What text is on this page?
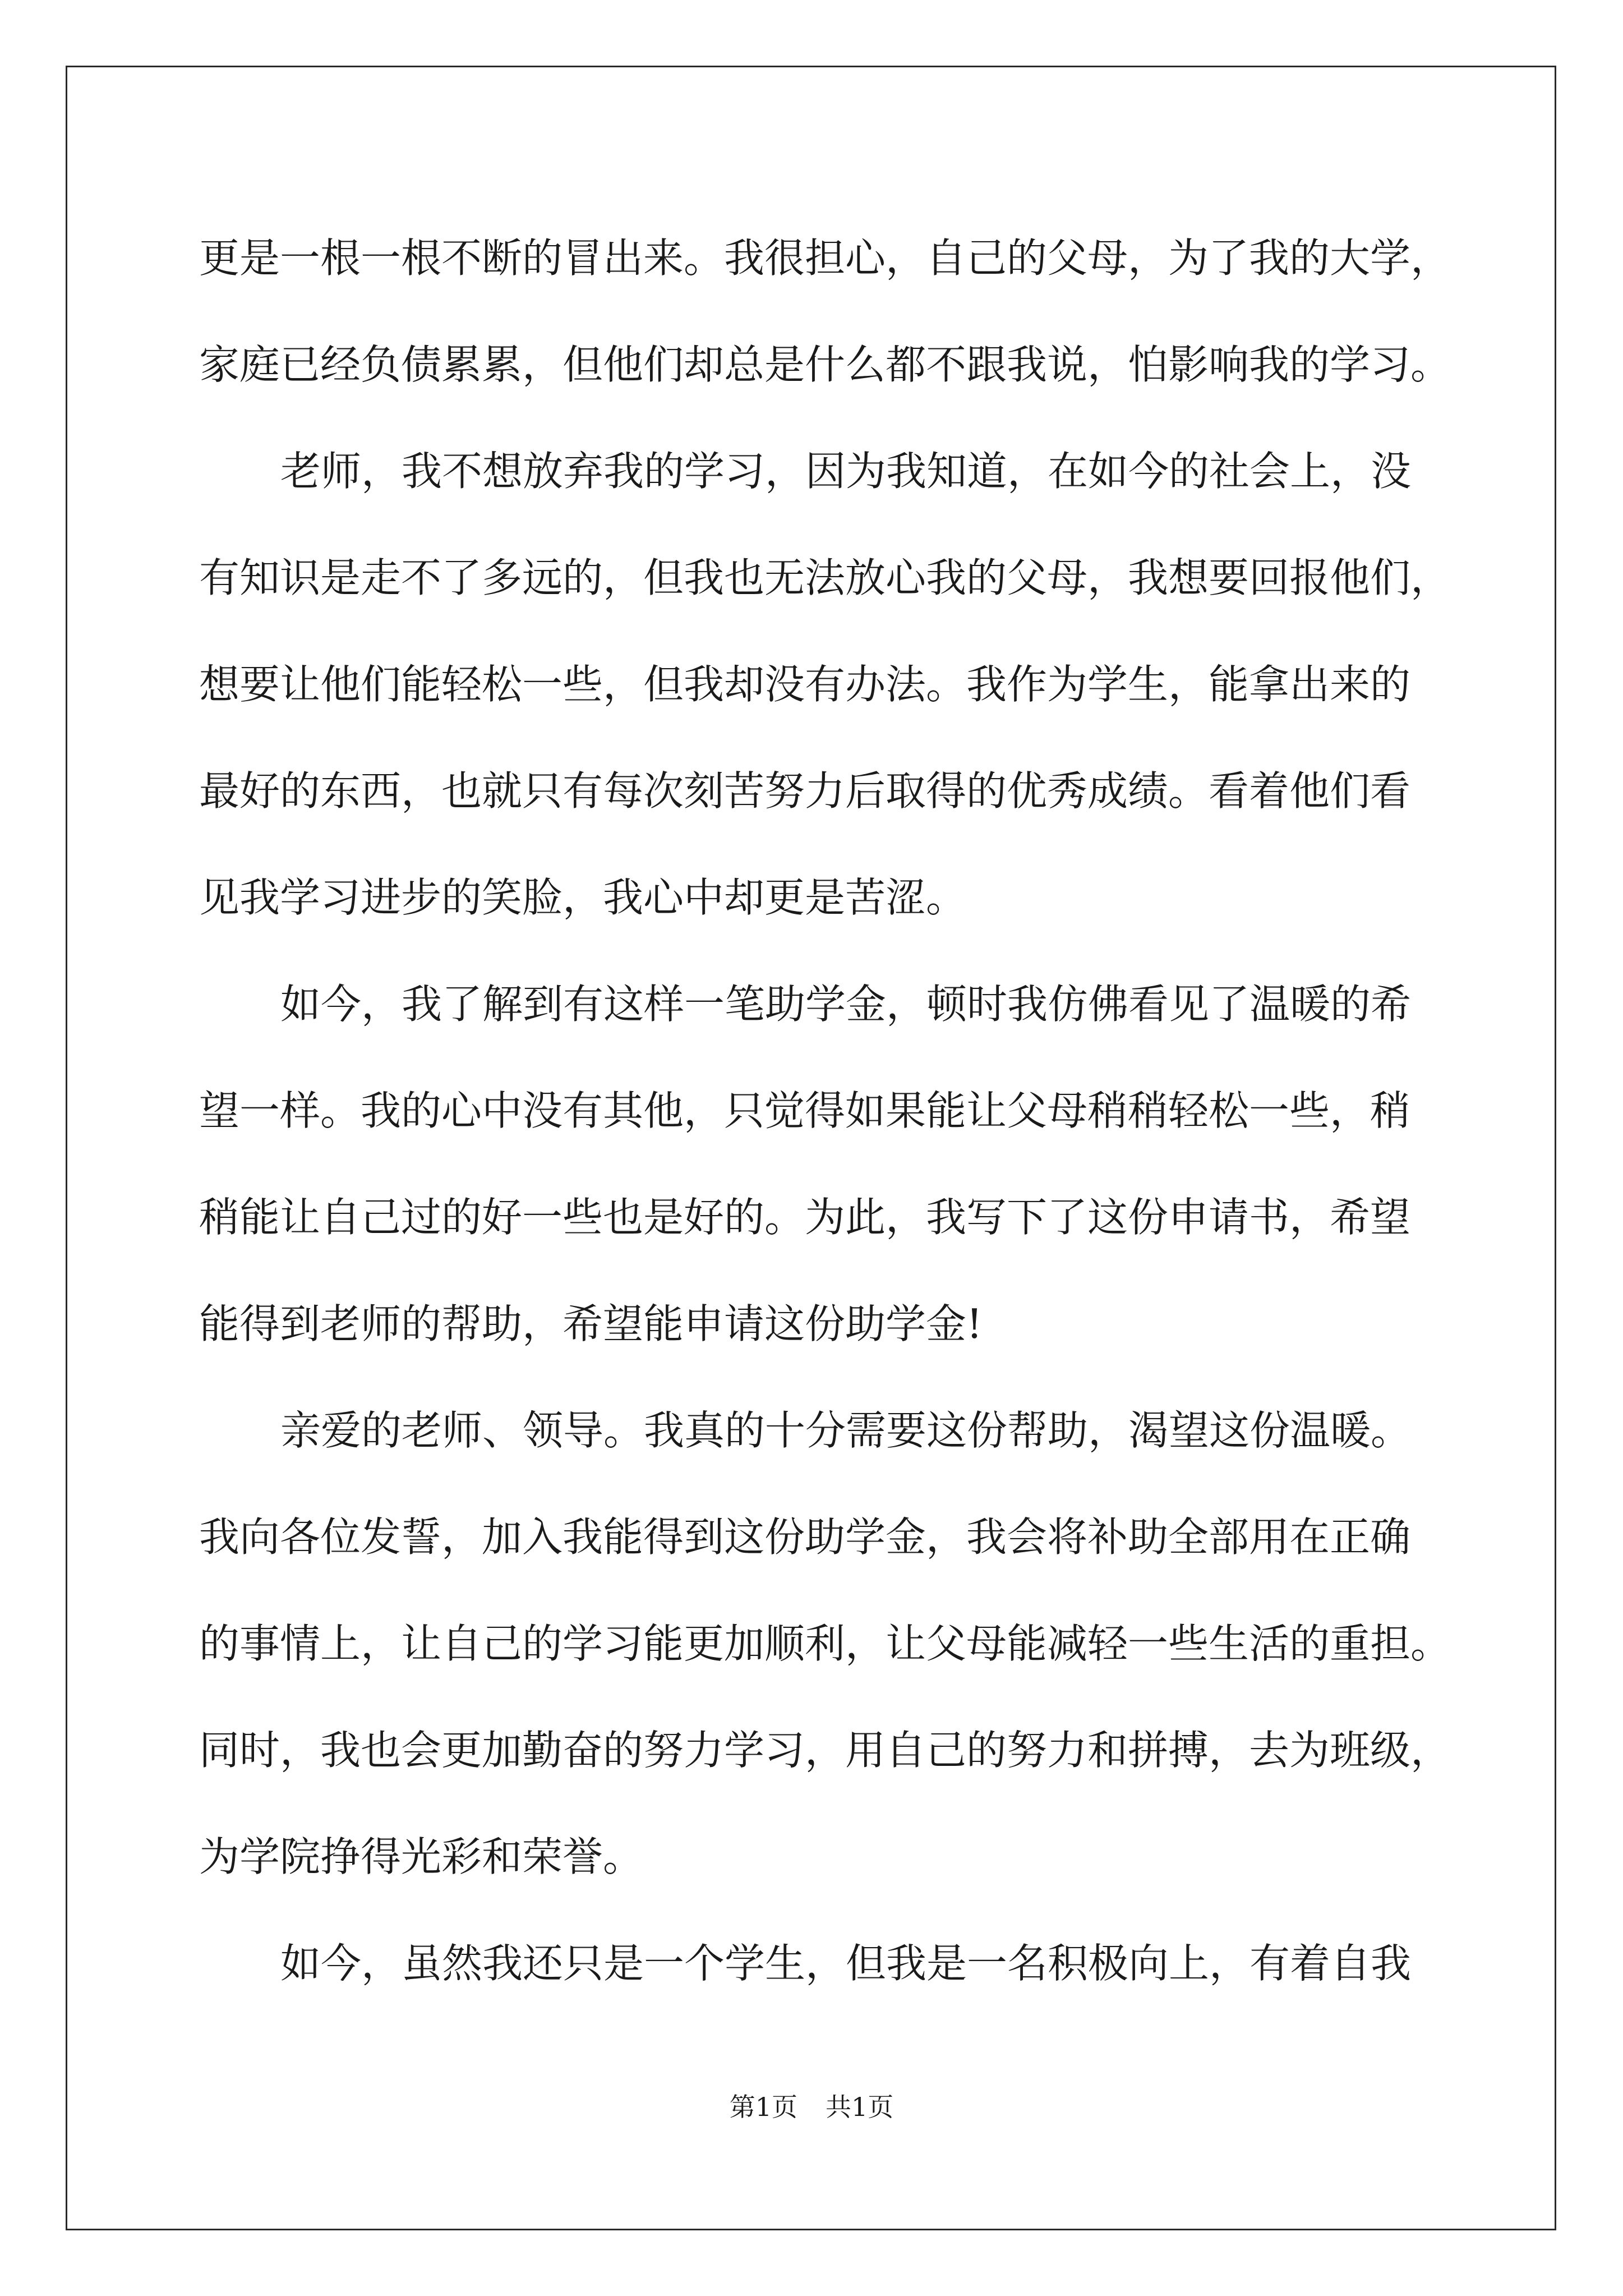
更是一根一根不断的冒出来。我很担心，自己的父母，为了我的大学，
家庭已经负债累累，但他们却总是什么都不跟我说，怕影响我的学习。
老师，我不想放弃我的学习，因为我知道，在如今的社会上，没
有知识是走不了多远的，但我也无法放心我的父母，我想要回报他们，
想要让他们能轻松一些，但我却没有办法。我作为学生，能拿出来的
最好的东西，也就只有每次刻苦努力后取得的优秀成绩。看着他们看
见我学习进步的笑脸，我心中却更是苦涩。
如今，我了解到有这样一笔助学金，顿时我仿佛看见了温暖的希
望一样。我的心中没有其他，只觉得如果能让父母稍稍轻松一些，稍
稍能让自己过的好一些也是好的。为此，我写下了这份申请书，希望
能得到老师的帮助，希望能申请这份助学金!
亲爱的老师、领导。我真的十分需要这份帮助，渴望这份温暖。
我向各位发誓，加入我能得到这份助学金，我会将补助全部用在正确
的事情上，让自己的学习能更加顺利，让父母能减轻一些生活的重担。
同时，我也会更加勤奋的努力学习，用自己的努力和拼搏，去为班级，
为学院挣得光彩和荣誉。
如今，虽然我还只是一个学生，但我是一名积极向上，有着自我
第1页 共1页
